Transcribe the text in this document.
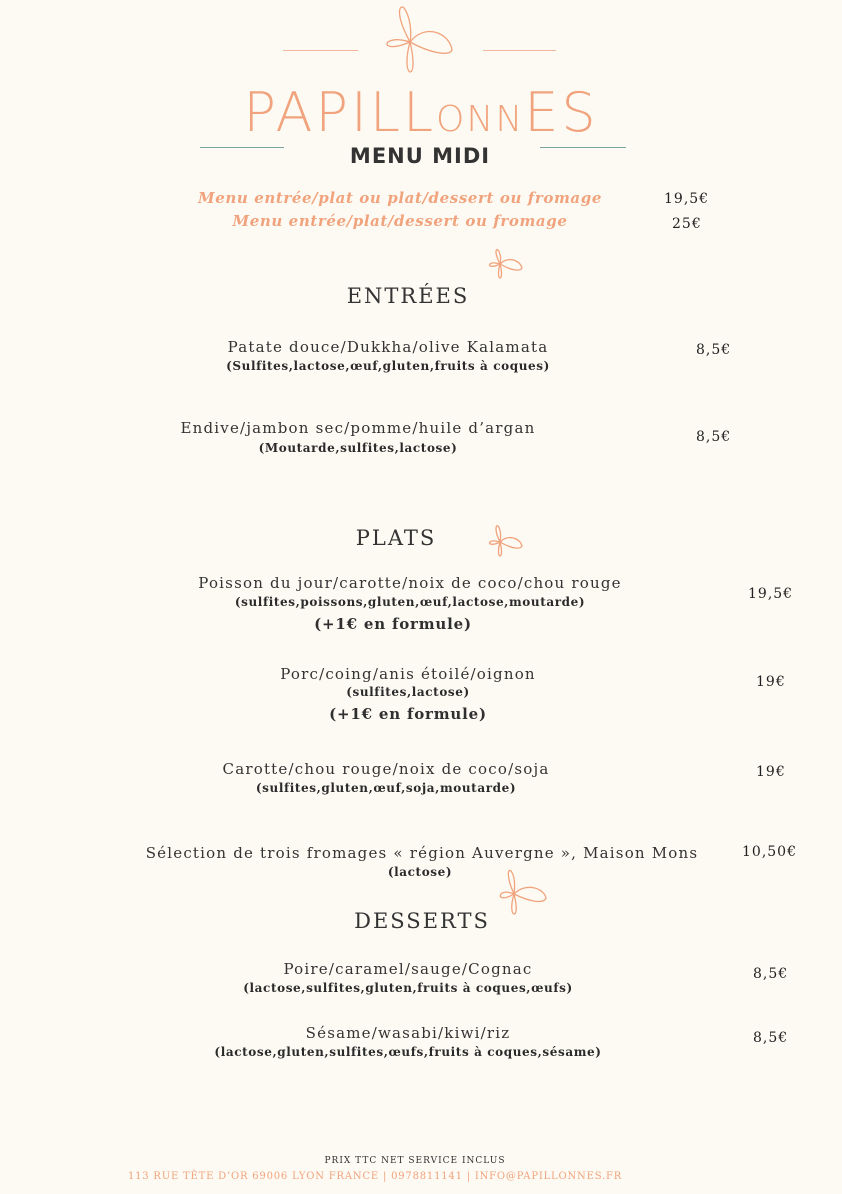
PAPILLONNES
MENU MIDI
Menu entrée/plat ou plat/dessert ou fromage	19,5€
Menu entrée/plat/dessert ou fromage	25€
ENTRÉES
Patate douce/Dukkha/olive Kalamata
(Sulfites,lactose,œuf,gluten,fruits à coques)
8,5€
Endive/jambon sec/pomme/huile d’argan
(Moutarde,sulfites,lactose)
8,5€
PLATS
Poisson du jour/carotte/noix de coco/chou rouge
(sulfites,poissons,gluten,œuf,lactose,moutarde)
(+1€ en formule)
19,5€
Porc/coing/anis étoilé/oignon
(sulfites,lactose)
(+1€ en formule)
19€
Carotte/chou rouge/noix de coco/soja
(sulfites,gluten,œuf,soja,moutarde)
19€
Sélection de trois fromages « région Auvergne », Maison Mons
(lactose)
10,50€
DESSERTS
Poire/caramel/sauge/Cognac
(lactose,sulfites,gluten,fruits à coques,œufs)
8,5€
Sésame/wasabi/kiwi/riz
(lactose,gluten,sulfites,œufs,fruits à coques,sésame)
8,5€
PRIX TTC NET SERVICE INCLUS
113 RUE TÊTE D’OR 69006 LYON FRANCE | 0978811141 | INFO@PAPILLONNES.FR
